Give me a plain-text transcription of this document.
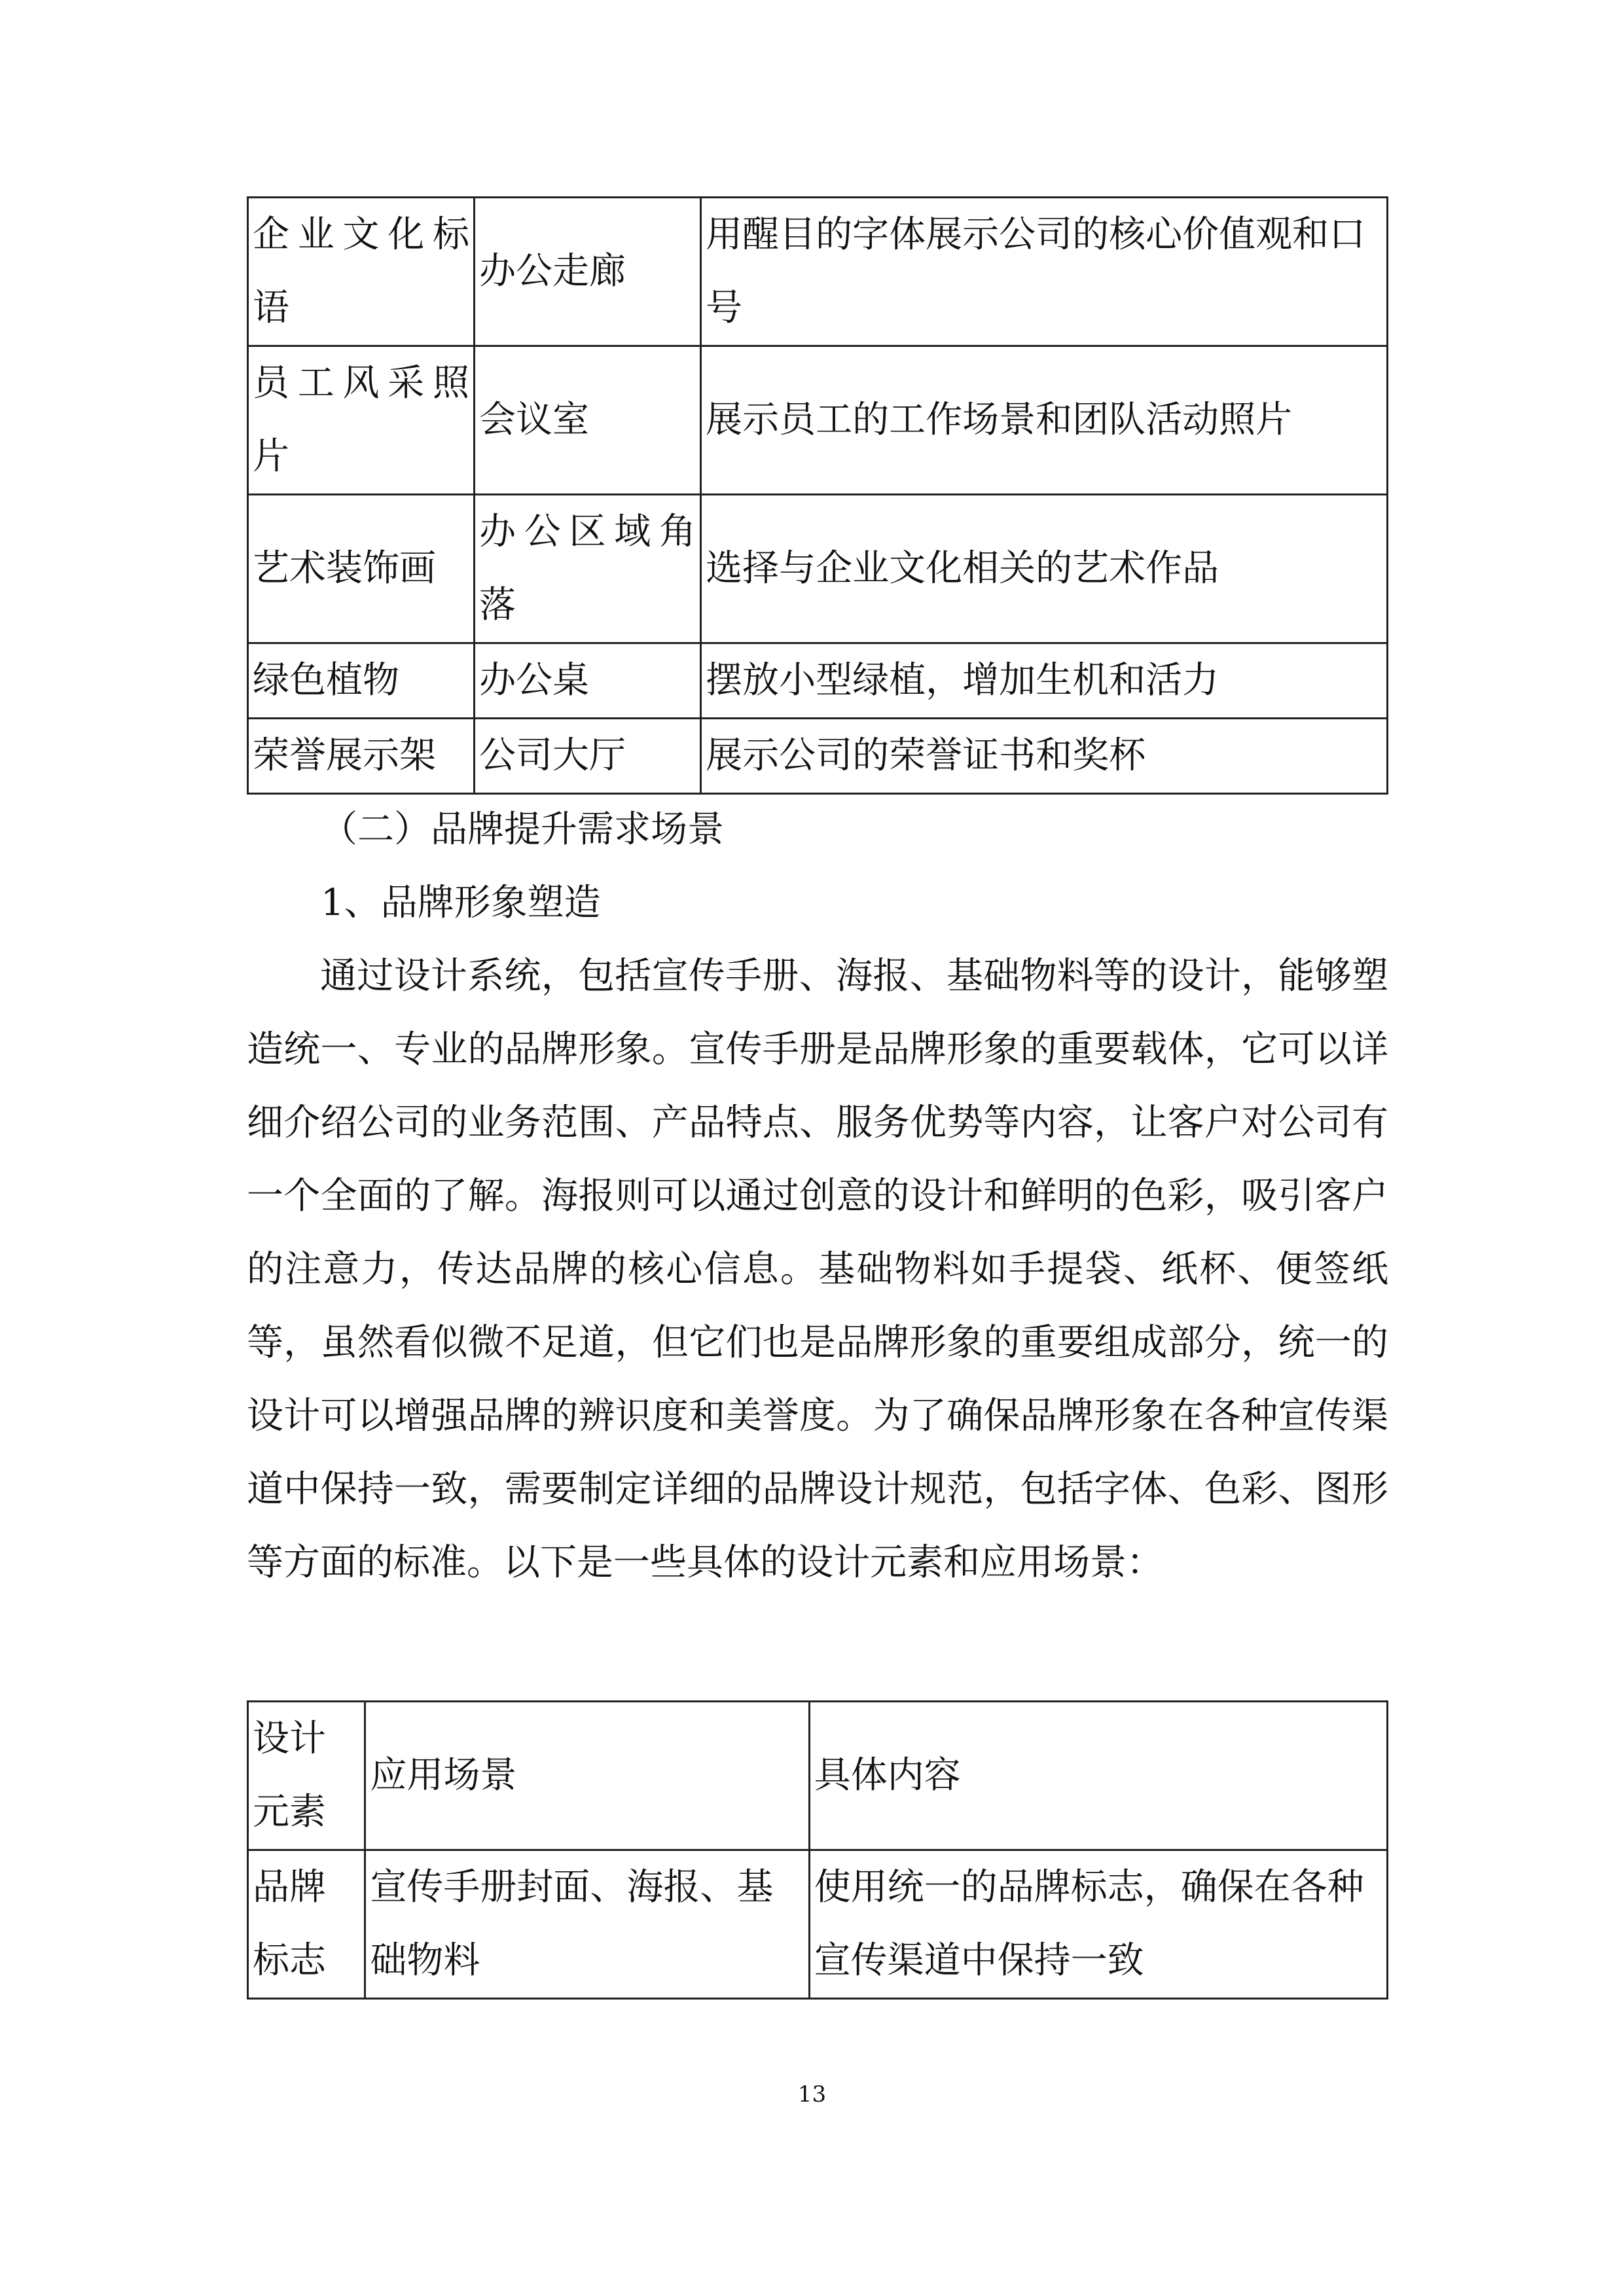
企业文化标语	办公走廊	用醒目的字体展示公司的核心价值观和口号
员工风采照片	会议室	展示员工的工作场景和团队活动照片
艺术装饰画	办公区域角落	选择与企业文化相关的艺术作品
绿色植物	办公桌	摆放小型绿植，增加生机和活力
荣誉展示架	公司大厅	展示公司的荣誉证书和奖杯

（二）品牌提升需求场景

1、品牌形象塑造

通过设计系统，包括宣传手册、海报、基础物料等的设计，能够塑造统一、专业的品牌形象。宣传手册是品牌形象的重要载体，它可以详细介绍公司的业务范围、产品特点、服务优势等内容，让客户对公司有一个全面的了解。海报则可以通过创意的设计和鲜明的色彩，吸引客户的注意力，传达品牌的核心信息。基础物料如手提袋、纸杯、便签纸等，虽然看似微不足道，但它们也是品牌形象的重要组成部分，统一的设计可以增强品牌的辨识度和美誉度。为了确保品牌形象在各种宣传渠道中保持一致，需要制定详细的品牌设计规范，包括字体、色彩、图形等方面的标准。以下是一些具体的设计元素和应用场景：

设计元素	应用场景	具体内容
品牌标志	宣传手册封面、海报、基础物料	使用统一的品牌标志，确保在各种宣传渠道中保持一致
13
